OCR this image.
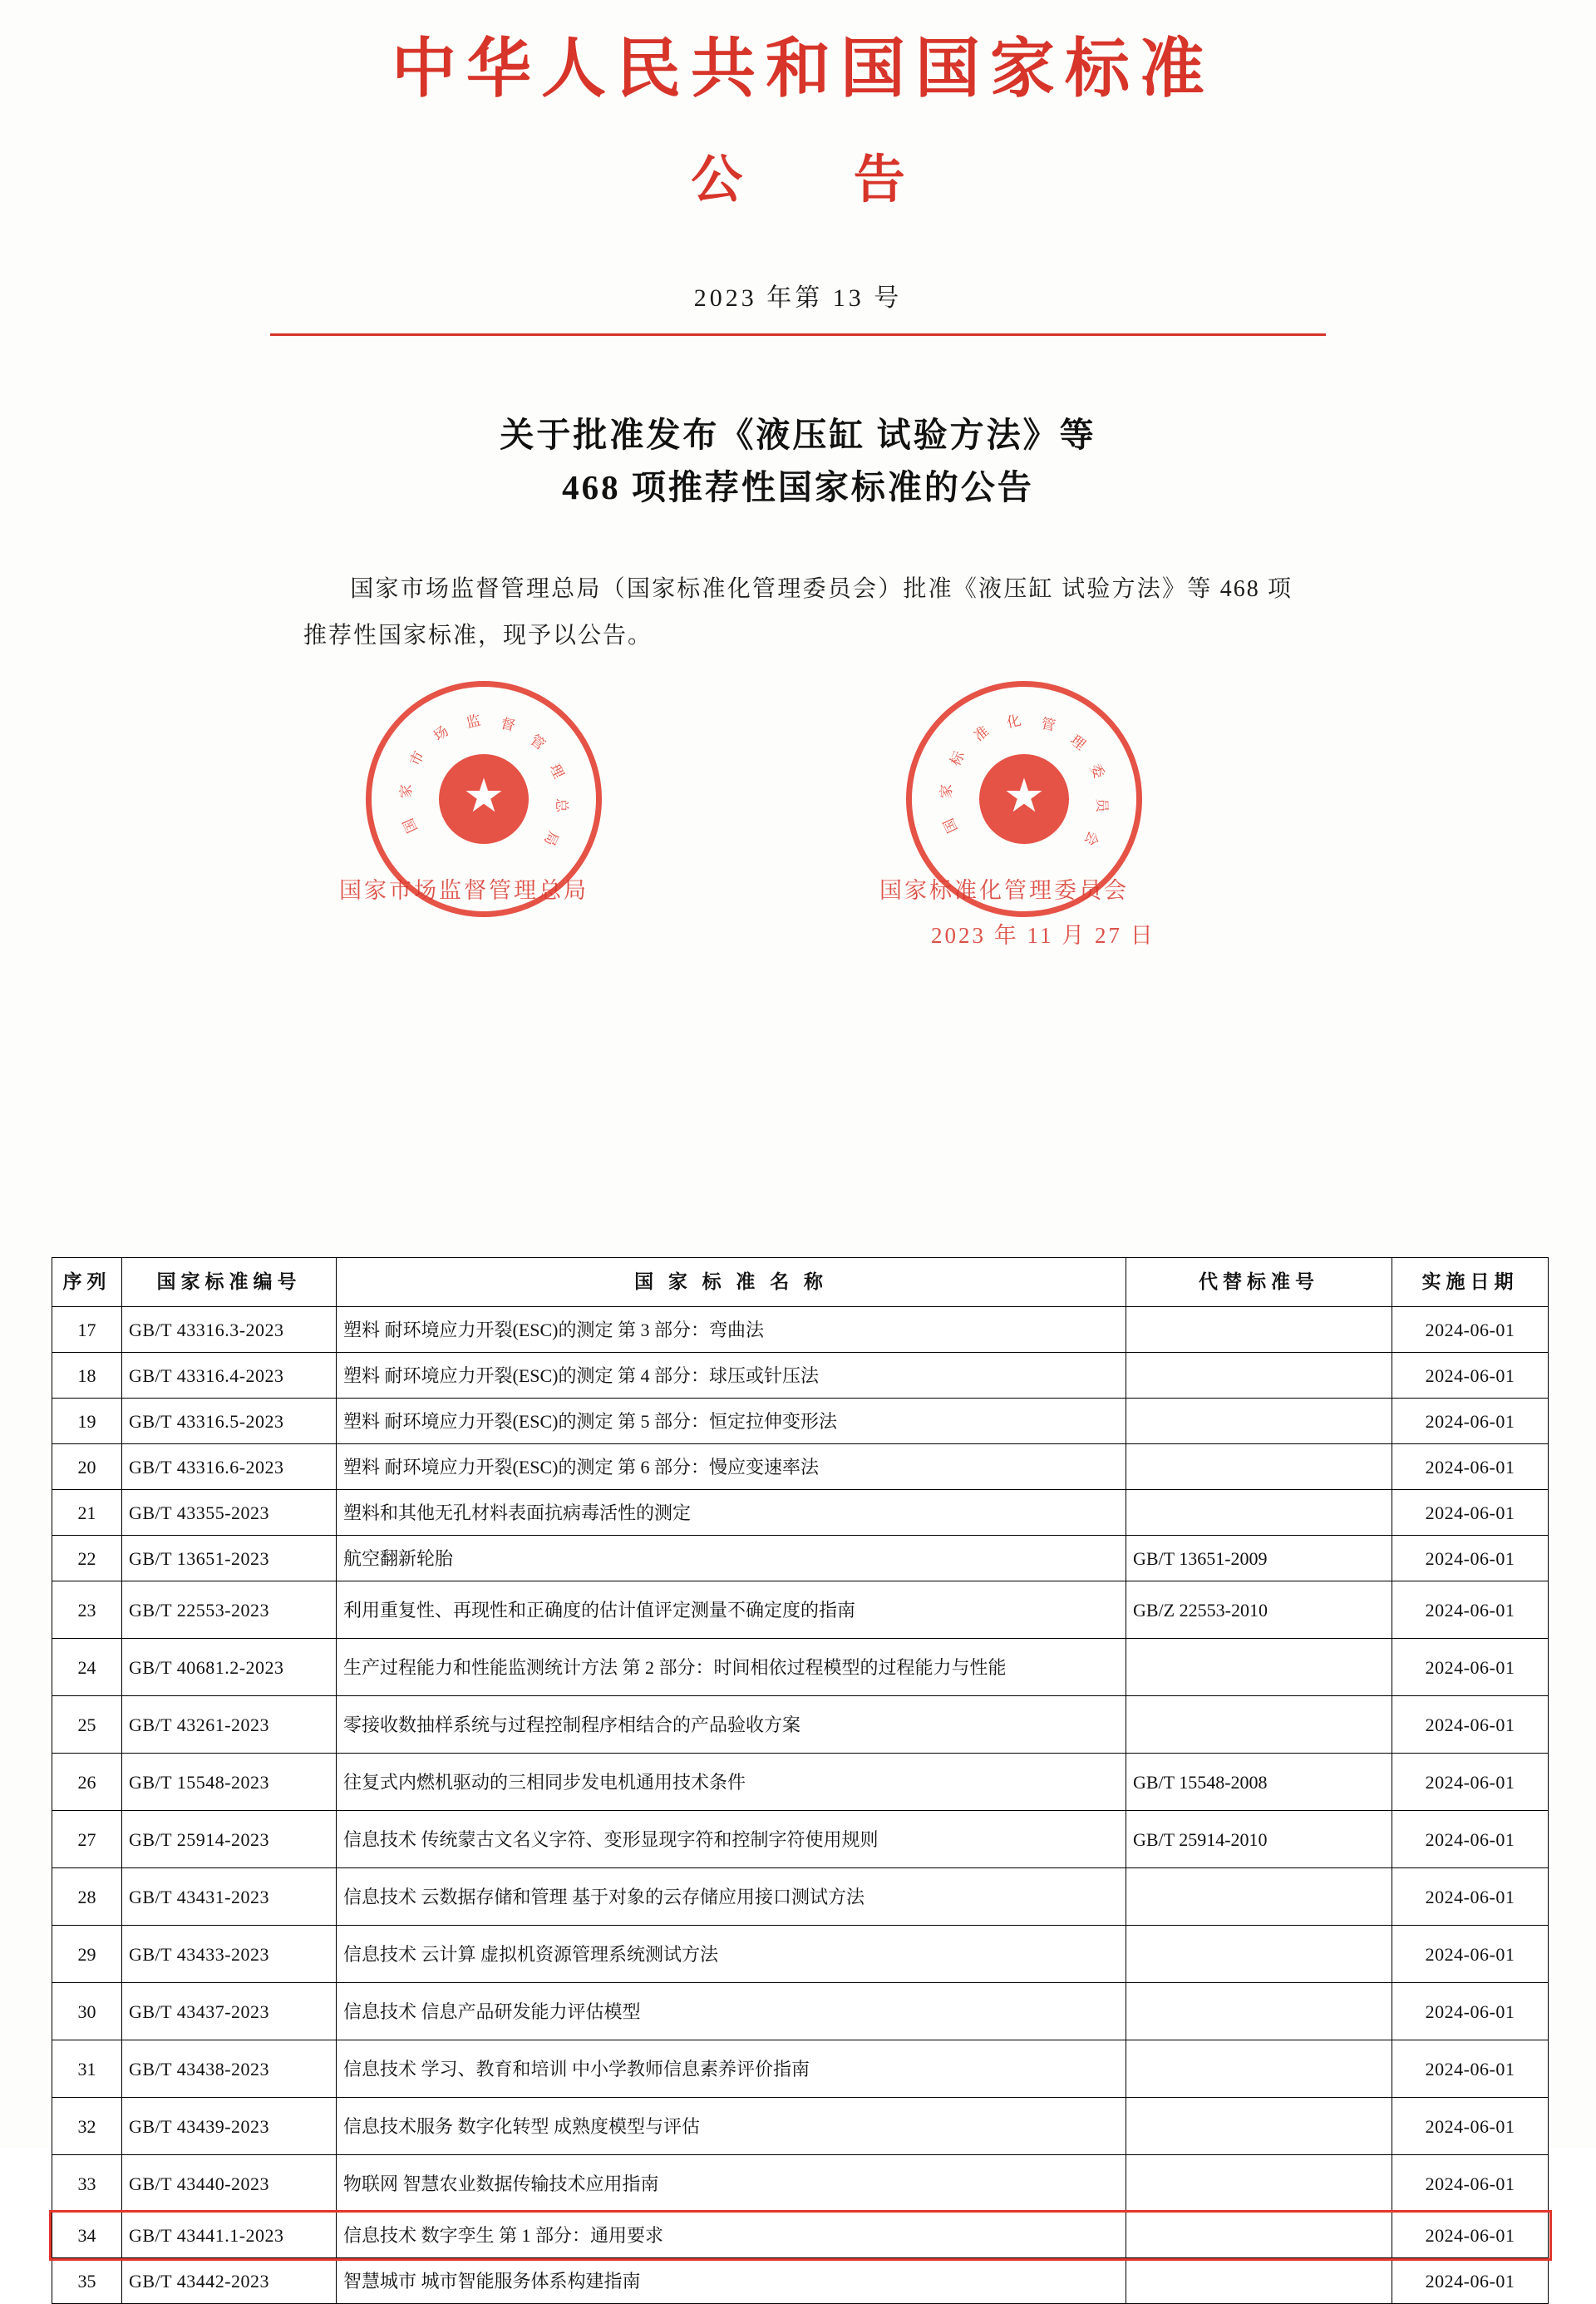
中华人民共和国国家标准
公 告
2023 年第 13 号
关于批准发布《液压缸 试验方法》等
468 项推荐性国家标准的公告
国家市场监督管理总局（国家标准化管理委员会）批准《液压缸 试验方法》等 468 项推荐性国家标准，现予以公告。
国
家
市
场
监 督
管
理
总
局
★
国
家
标
准
化 管
理
委
员
会
★
国家市场监督管理总局	国家标准化管理委员会
2023 年 11 月 27 日
序列	国家标准编号	国 家 标 准 名 称	代替标准号	实施日期
17	GB/T 43316.3-2023	塑料 耐环境应力开裂(ESC)的测定 第 3 部分：弯曲法		2024-06-01
18	GB/T 43316.4-2023	塑料 耐环境应力开裂(ESC)的测定 第 4 部分：球压或针压法		2024-06-01
19	GB/T 43316.5-2023	塑料 耐环境应力开裂(ESC)的测定 第 5 部分：恒定拉伸变形法		2024-06-01
20	GB/T 43316.6-2023	塑料 耐环境应力开裂(ESC)的测定 第 6 部分：慢应变速率法		2024-06-01
21	GB/T 43355-2023	塑料和其他无孔材料表面抗病毒活性的测定		2024-06-01
22	GB/T 13651-2023	航空翻新轮胎	GB/T 13651-2009	2024-06-01
23	GB/T 22553-2023	利用重复性、再现性和正确度的估计值评定测量不确定度的指南	GB/Z 22553-2010	2024-06-01
24	GB/T 40681.2-2023	生产过程能力和性能监测统计方法 第 2 部分：时间相依过程模型的过程能力与性能		2024-06-01
25	GB/T 43261-2023	零接收数抽样系统与过程控制程序相结合的产品验收方案		2024-06-01
26	GB/T 15548-2023	往复式内燃机驱动的三相同步发电机通用技术条件	GB/T 15548-2008	2024-06-01
27	GB/T 25914-2023	信息技术 传统蒙古文名义字符、变形显现字符和控制字符使用规则	GB/T 25914-2010	2024-06-01
28	GB/T 43431-2023	信息技术 云数据存储和管理 基于对象的云存储应用接口测试方法		2024-06-01
29	GB/T 43433-2023	信息技术 云计算 虚拟机资源管理系统测试方法		2024-06-01
30	GB/T 43437-2023	信息技术 信息产品研发能力评估模型		2024-06-01
31	GB/T 43438-2023	信息技术 学习、教育和培训 中小学教师信息素养评价指南		2024-06-01
32	GB/T 43439-2023	信息技术服务 数字化转型 成熟度模型与评估		2024-06-01
33	GB/T 43440-2023	物联网 智慧农业数据传输技术应用指南		2024-06-01
34	GB/T 43441.1-2023	信息技术 数字孪生 第 1 部分：通用要求		2024-06-01
35	GB/T 43442-2023	智慧城市 城市智能服务体系构建指南		2024-06-01
